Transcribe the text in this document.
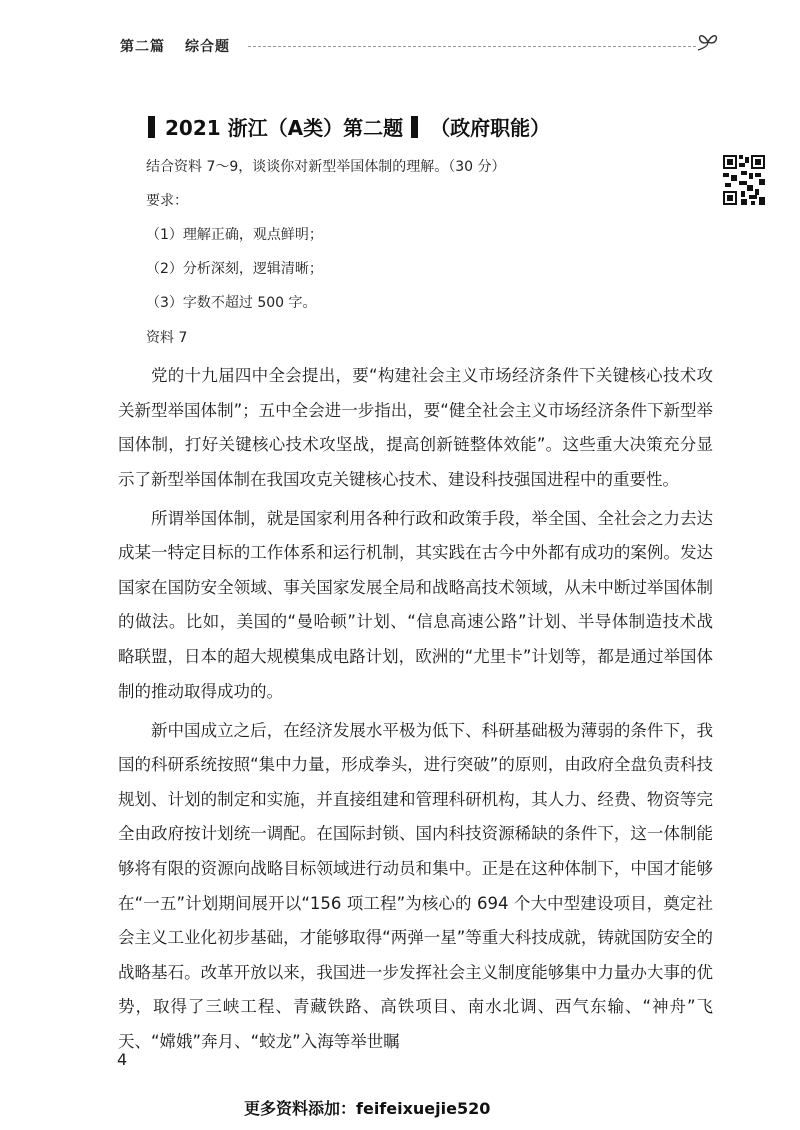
第二篇 综合题
2021 浙江（A类）第二题 （政府职能）
结合资料 7～9，谈谈你对新型举国体制的理解。（30 分）
要求：
（1）理解正确，观点鲜明；
（2）分析深刻，逻辑清晰；
（3）字数不超过 500 字。
资料 7

党的十九届四中全会提出，要“构建社会主义市场经济条件下关键核心技术攻关新型举国体制”；五中全会进一步指出，要“健全社会主义市场经济条件下新型举国体制，打好关键核心技术攻坚战，提高创新链整体效能”。这些重大决策充分显示了新型举国体制在我国攻克关键核心技术、建设科技强国进程中的重要性。

所谓举国体制，就是国家利用各种行政和政策手段，举全国、全社会之力去达成某一特定目标的工作体系和运行机制，其实践在古今中外都有成功的案例。发达国家在国防安全领域、事关国家发展全局和战略高技术领域，从未中断过举国体制的做法。比如，美国的“曼哈顿”计划、“信息高速公路”计划、半导体制造技术战略联盟，日本的超大规模集成电路计划，欧洲的“尤里卡”计划等，都是通过举国体制的推动取得成功的。

新中国成立之后，在经济发展水平极为低下、科研基础极为薄弱的条件下，我国的科研系统按照“集中力量，形成拳头，进行突破”的原则，由政府全盘负责科技规划、计划的制定和实施，并直接组建和管理科研机构，其人力、经费、物资等完全由政府按计划统一调配。在国际封锁、国内科技资源稀缺的条件下，这一体制能够将有限的资源向战略目标领域进行动员和集中。正是在这种体制下，中国才能够在“一五”计划期间展开以“156 项工程”为核心的 694 个大中型建设项目，奠定社会主义工业化初步基础，才能够取得“两弹一星”等重大科技成就，铸就国防安全的战略基石。改革开放以来，我国进一步发挥社会主义制度能够集中力量办大事的优势，取得了三峡工程、青藏铁路、高铁项目、南水北调、西气东输、“神舟”飞天、“嫦娥”奔月、“蛟龙”入海等举世瞩

4
更多资料添加：feifeixuejie520
